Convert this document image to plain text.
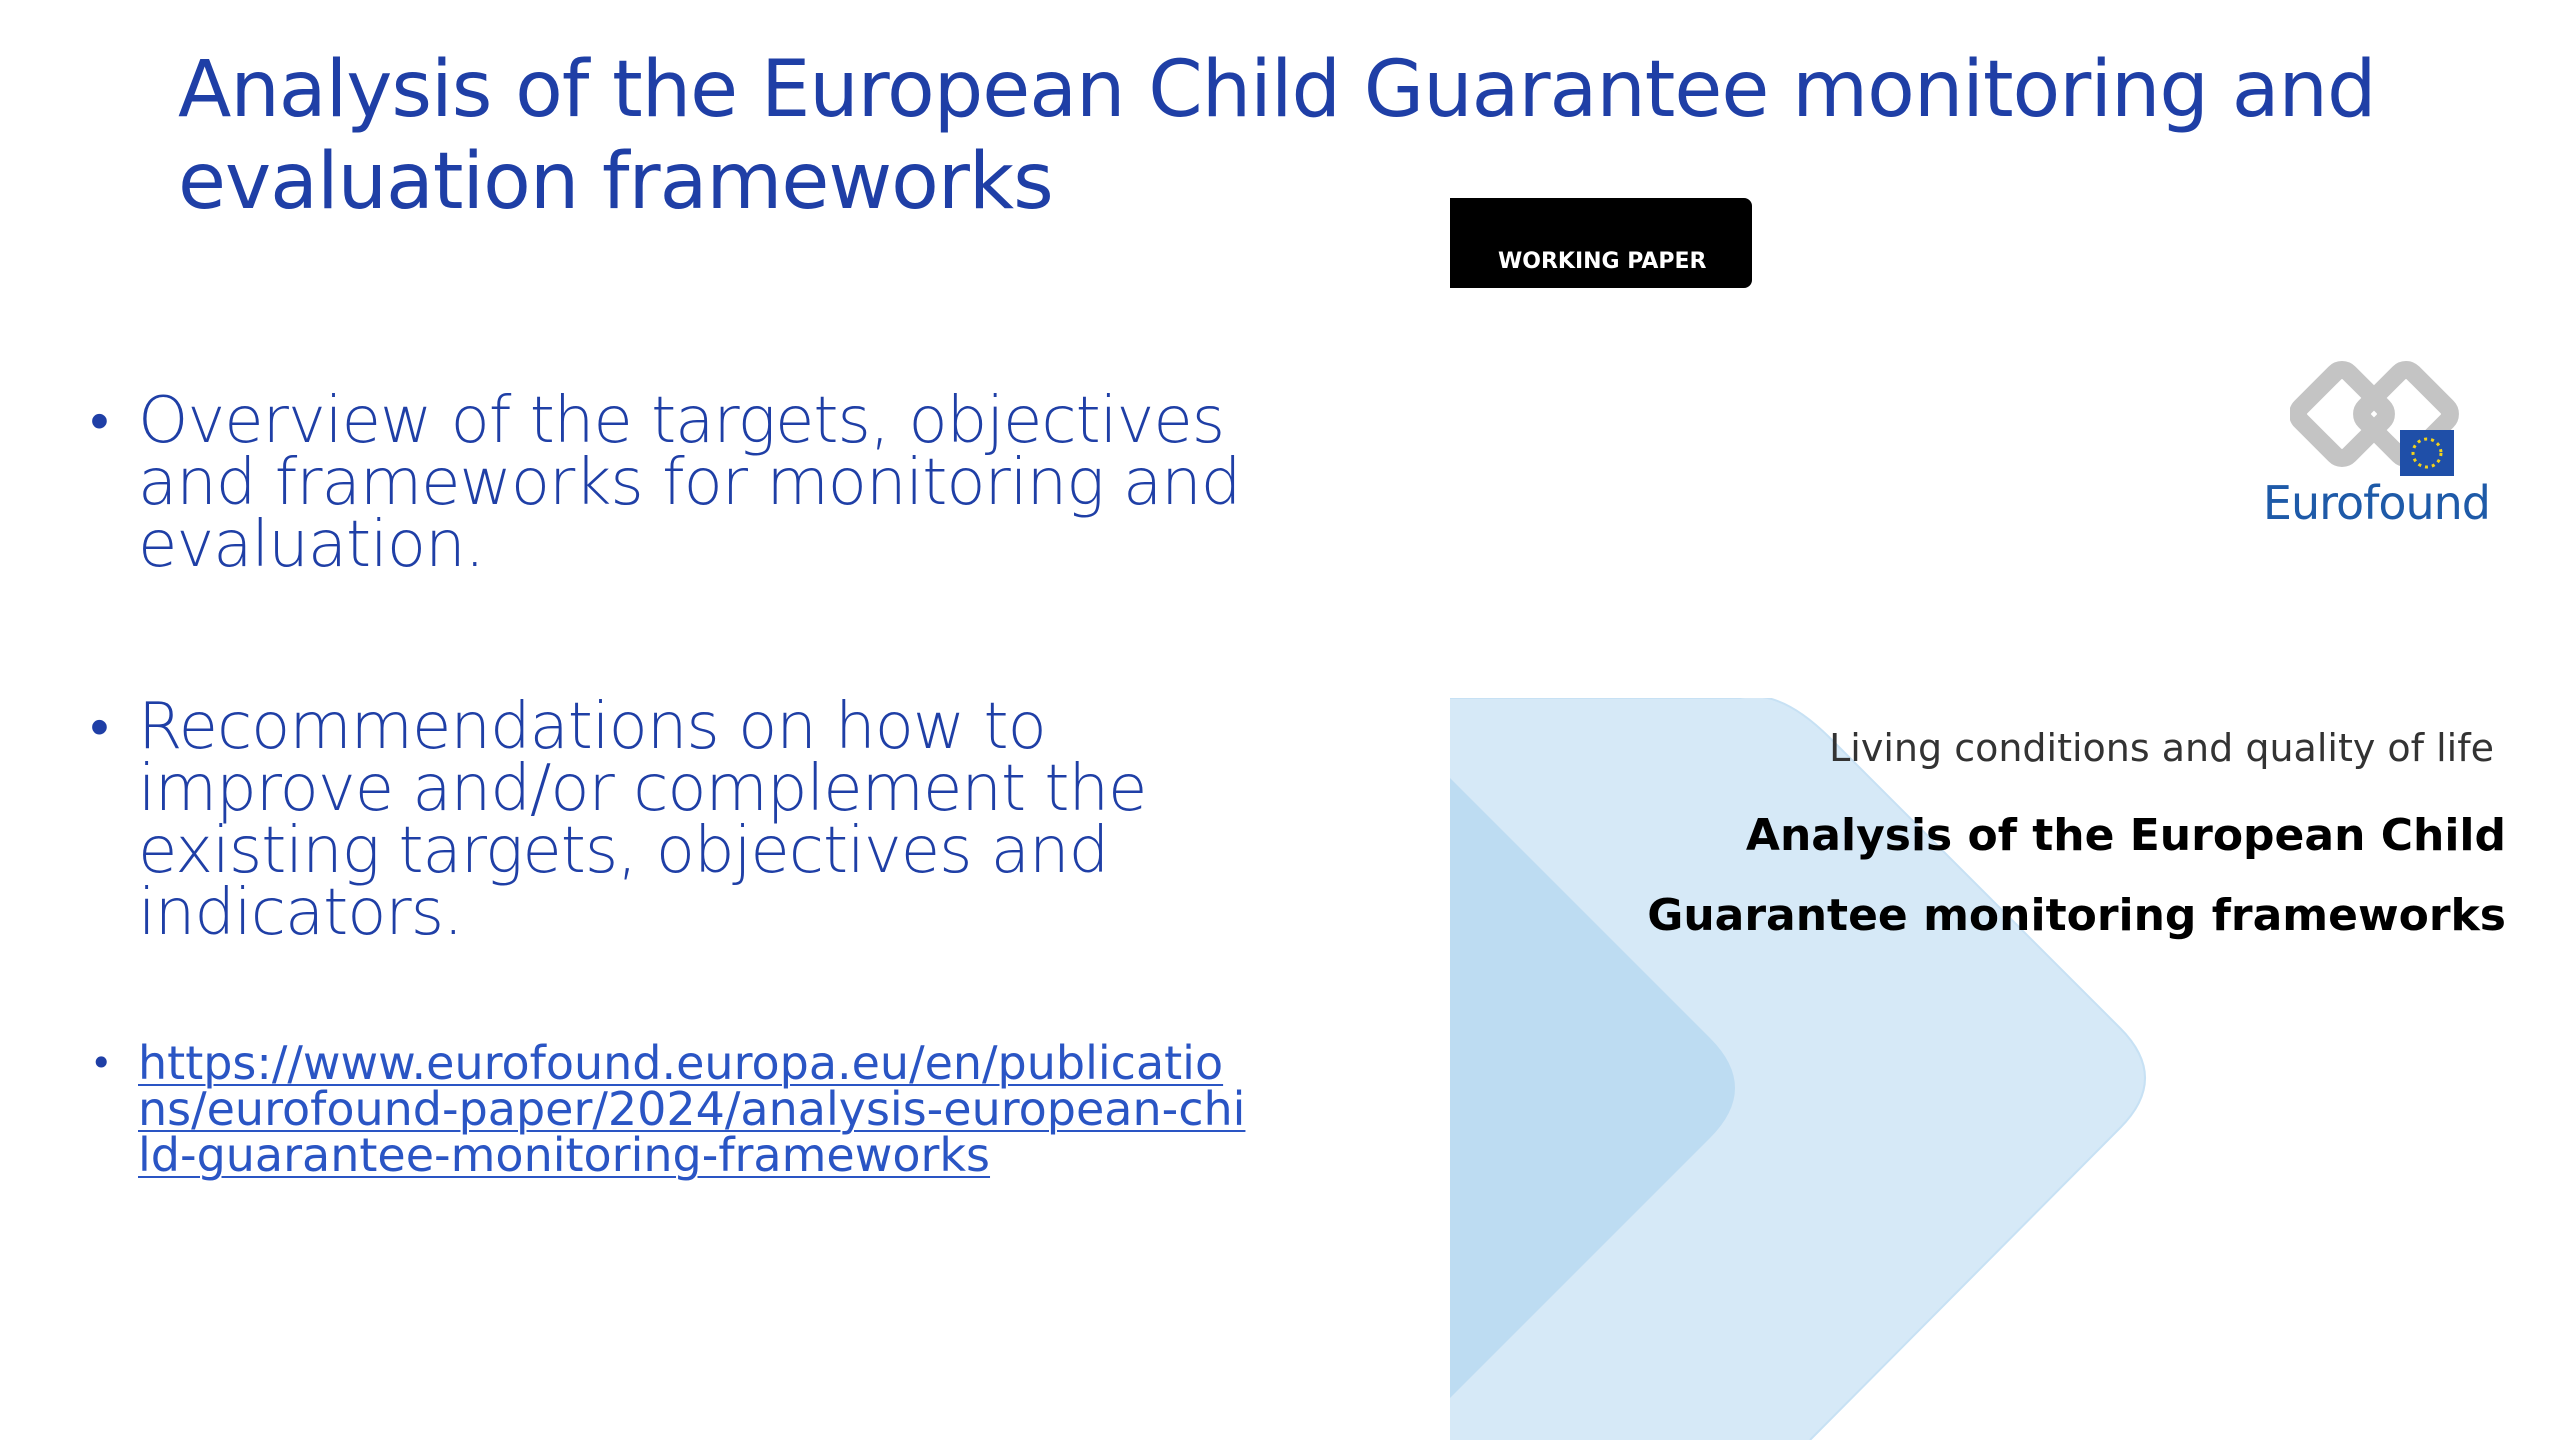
Analysis of the European Child Guarantee monitoring and evaluation frameworks
• Overview of the targets, objectives and frameworks for monitoring and evaluation.
• Recommendations on how to improve and/or complement the existing targets, objectives and indicators.
• https://www.eurofound.europa.eu/en/publications/eurofound-paper/2024/analysis-european-child-guarantee-monitoring-frameworks
WORKING PAPER
Eurofound
Living conditions and quality of life
Analysis of the European Child Guarantee monitoring frameworks
